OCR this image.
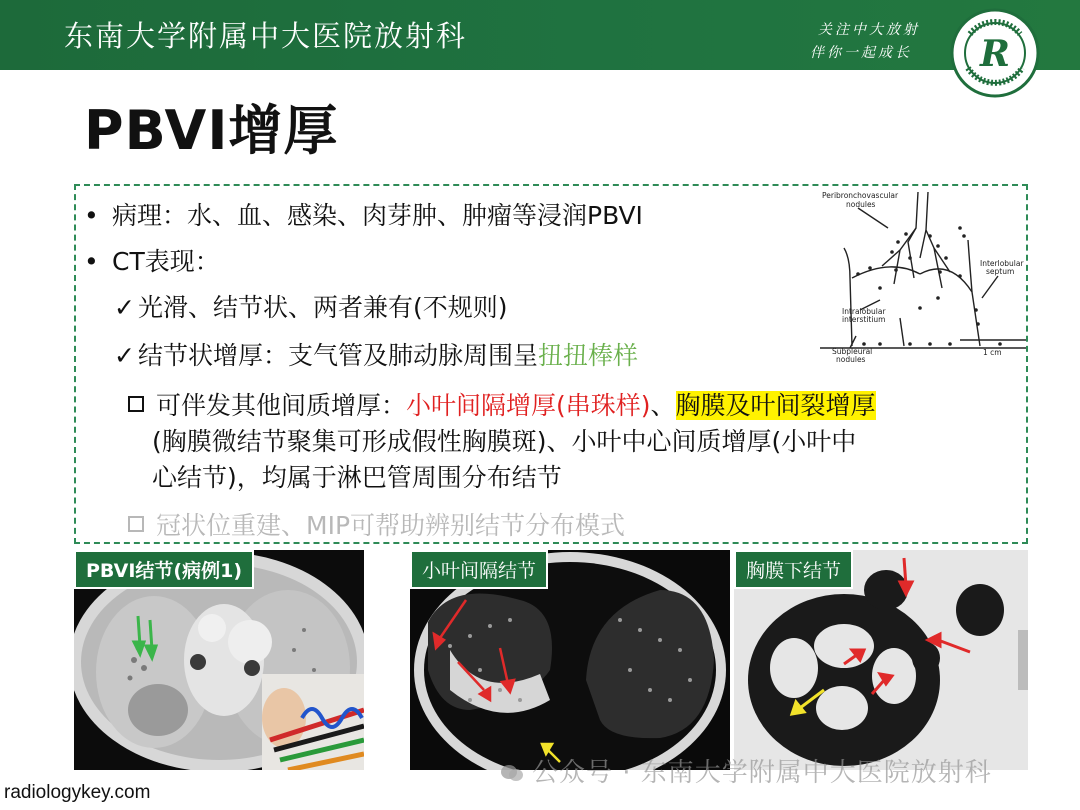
东南大学附属中大医院放射科	关注中大放射
伴你一起成长 R
PBVI增厚
• 病理：水、血、感染、肉芽肿、肿瘤等浸润PBVI
• CT表现：
✓ 光滑、结节状、两者兼有(不规则)
✓ 结节状增厚：支气管及肺动脉周围呈扭扭棒样
可伴发其他间质增厚：小叶间隔增厚(串珠样)、胸膜及叶间裂增厚
(胸膜微结节聚集可形成假性胸膜斑)、小叶中心间质增厚(小叶中
心结节)，均属于淋巴管周围分布结节
冠状位重建、MIP可帮助辨别结节分布模式
Peribronchovascular
nodules
Interlobular
septum
Intralobular
interstitium
Subpleural
nodules
1 cm
PBVI结节(病例1)	小叶间隔结节	胸膜下结节
radiologykey.com
公众号 · 东南大学附属中大医院放射科
